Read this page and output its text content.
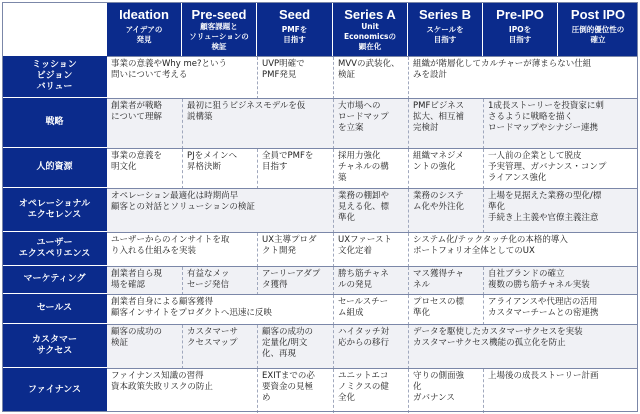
Ideation
アイデアの
発見
Pre-seed
顧客課題と
ソリューションの
検証
Seed
PMFを
目指す
Series A
Unit
Economicsの
顕在化
Series B
スケールを
目指す
Pre-IPO
IPOを
目指す
Post IPO
圧倒的優位性の
確立
ミッション
ビジョン
バリュー
事業の意義やWhy me?という
問いについて考える
UVP明確で
PMF発見
MVVの武装化、
検証
組織が階層化してカルチャーが薄まらない仕組
みを設計
戦略
創業者が戦略
について理解
最初に狙うビジネスモデルを仮
説構築
大市場への
ロードマップ
を立案
PMFビジネス
拡大、相互補
完検討
1成長ストーリーを投資家に刺
さるように戦略を描く
ロードマップやシナジー連携
人的資源
事業の意義を
明文化
PJをメインへ
昇格決断
全員でPMFを
目指す
採用力強化
チャネルの構
築
組織マネジメ
ントの強化
一人前の企業として脱皮
予実管理、ガバナンス・コンプ
ライアンス強化
オペレーショナル
エクセレンス
オペレーション最適化は時期尚早
顧客との対話とソリューションの検証
業務の棚卸や
見える化、標
準化
業務のシステ
ム化や外注化
上場を見据えた業務の型化/標
準化
手続き上主義や官僚主義注意
ユーザー
エクスペリエンス
ユーザーからのインサイトを取
り入れる仕組みを実装
UX主導プロダ
クト開発
UXファースト
文化定着
システム化/テックタッチ化の本格的導入
ポートフォリオ全体としてのUX
マーケティング	創業者自ら現
場を確認
有益なメッ
セージ発信
アーリーアダプ
タ獲得
勝ち筋チャネ
ルの発見
マス獲得チャ
ネル
自社ブランドの確立
複数の勝ち筋チャネル実装
セールス
創業者自身による顧客獲得
顧客インサイトをプロダクトへ迅速に反映
セールスチー
ム組成
プロセスの標
準化
アライアンスや代理店の活用
カスタマーチームとの密連携
カスタマー
サクセス
顧客の成功の
検証
カスタマーサ
クセスマップ
顧客の成功の
定量化/明文
化、再現
ハイタッチ対
応からの移行
データを駆使したカスタマーサクセスを実装
カスタマーサクセス機能の孤立化を防止
ファイナンス
ファイナンス知識の習得
資本政策失敗リスクの防止
EXITまでの必
要資金の見極
め
ユニットエコ
ノミクスの健
全化
守りの側面強
化
ガバナンス
上場後の成長ストーリー計画
